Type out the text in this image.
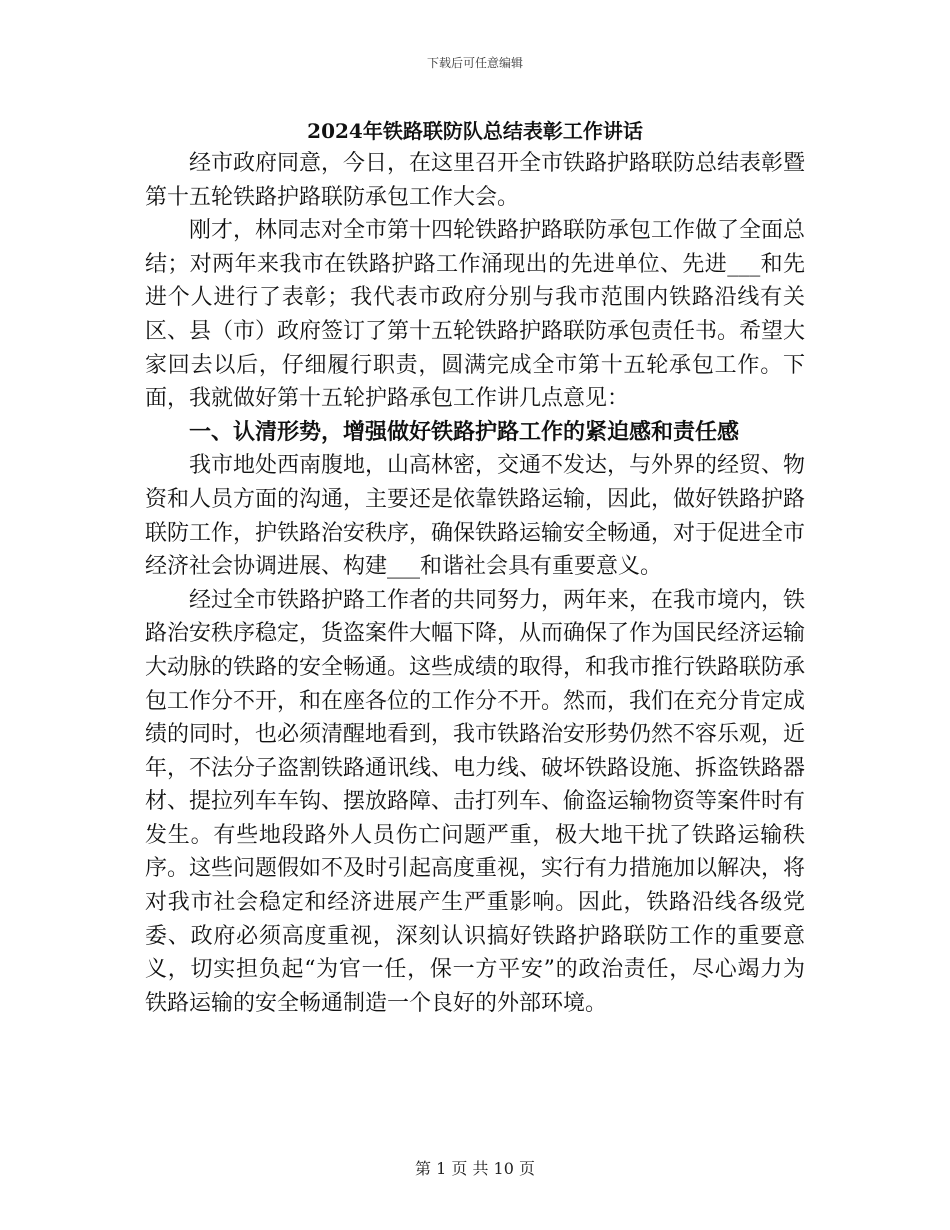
下载后可任意编辑
2024年铁路联防队总结表彰工作讲话

经市政府同意，今日，在这里召开全市铁路护路联防总结表彰暨第十五轮铁路护路联防承包工作大会。

刚才，林同志对全市第十四轮铁路护路联防承包工作做了全面总结；对两年来我市在铁路护路工作涌现出的先进单位、先进___和先进个人进行了表彰；我代表市政府分别与我市范围内铁路沿线有关区、县（市）政府签订了第十五轮铁路护路联防承包责任书。希望大家回去以后，仔细履行职责，圆满完成全市第十五轮承包工作。下面，我就做好第十五轮护路承包工作讲几点意见：

一、认清形势，增强做好铁路护路工作的紧迫感和责任感

我市地处西南腹地，山高林密，交通不发达，与外界的经贸、物资和人员方面的沟通，主要还是依靠铁路运输，因此，做好铁路护路联防工作，护铁路治安秩序，确保铁路运输安全畅通，对于促进全市经济社会协调进展、构建___和谐社会具有重要意义。

经过全市铁路护路工作者的共同努力，两年来，在我市境内，铁路治安秩序稳定，货盗案件大幅下降，从而确保了作为国民经济运输大动脉的铁路的安全畅通。这些成绩的取得，和我市推行铁路联防承包工作分不开，和在座各位的工作分不开。然而，我们在充分肯定成绩的同时，也必须清醒地看到，我市铁路治安形势仍然不容乐观，近年，不法分子盗割铁路通讯线、电力线、破坏铁路设施、拆盗铁路器材、提拉列车车钩、摆放路障、击打列车、偷盗运输物资等案件时有发生。有些地段路外人员伤亡问题严重，极大地干扰了铁路运输秩序。这些问题假如不及时引起高度重视，实行有力措施加以解决，将对我市社会稳定和经济进展产生严重影响。因此，铁路沿线各级党委、政府必须高度重视，深刻认识搞好铁路护路联防工作的重要意义，切实担负起“为官一任，保一方平安”的政治责任，尽心竭力为铁路运输的安全畅通制造一个良好的外部环境。

第 1 页 共 10 页
